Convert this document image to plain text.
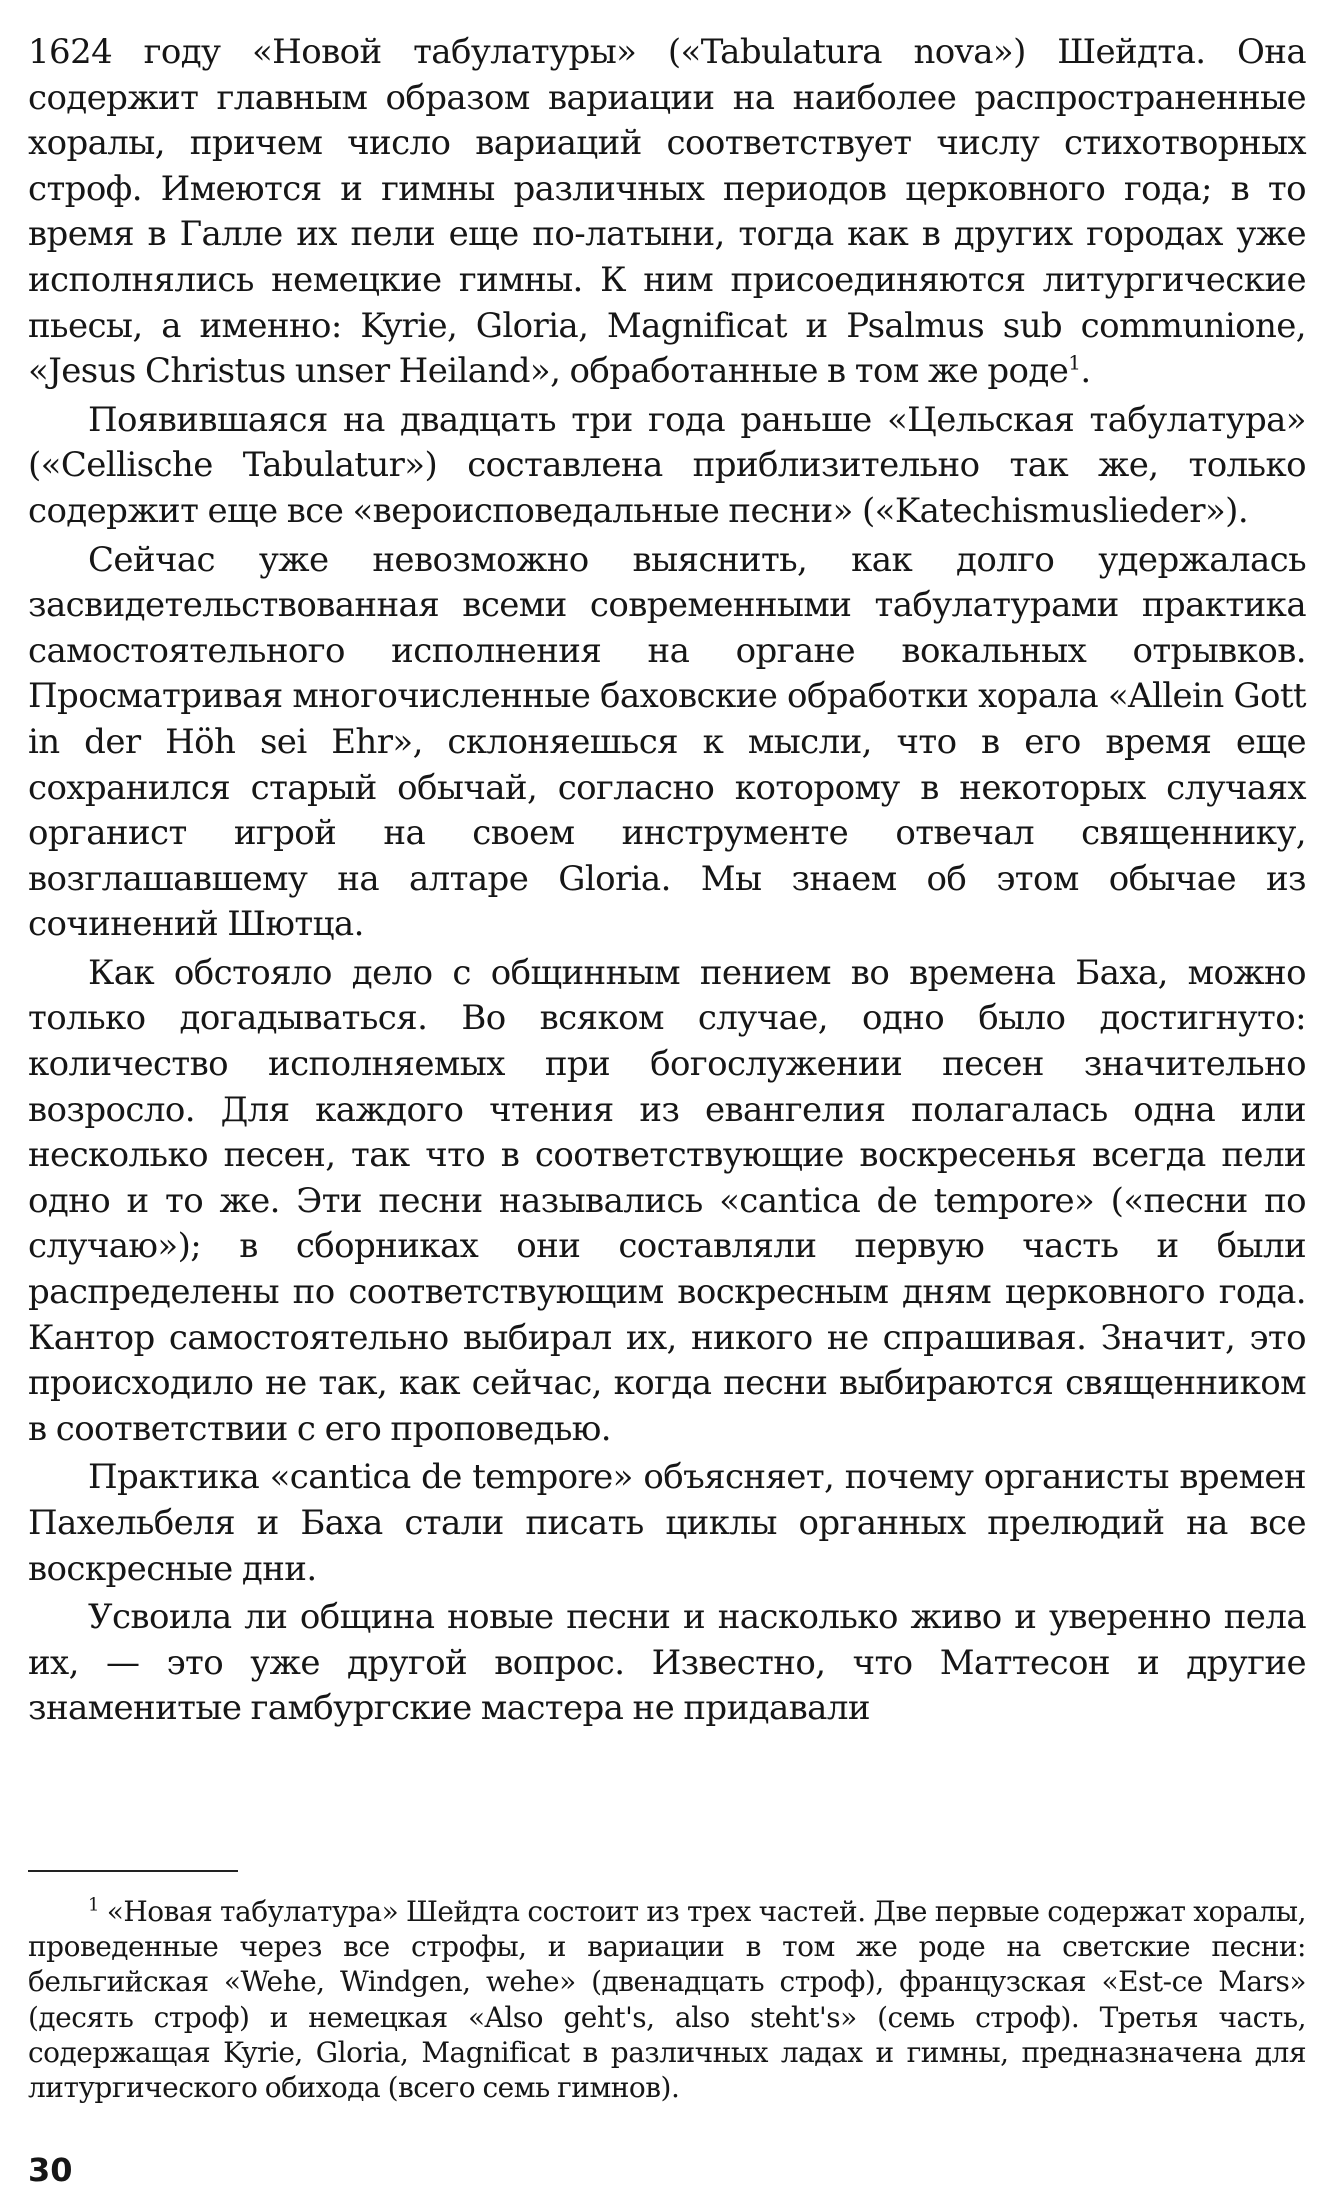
1624 году «Новой табулатуры» («Tabulatura nova») Шейдта. Она содержит главным образом вариации на наиболее распространенные хоралы, причем число вариаций соответствует числу стихотворных строф. Имеются и гимны различных периодов церковного года; в то время в Галле их пели еще по-латыни, тогда как в других городах уже исполнялись немецкие гимны. К ним присоединяются литургические пьесы, а именно: Kyrie, Gloria, Magnificat и Psalmus sub communione, «Jesus Christus unser Heiland», обработанные в том же роде$^1$.

Появившаяся на двадцать три года раньше «Цельская табулатура» («Cellische Tabulatur») составлена приблизительно так же, только содержит еще все «вероисповедальные песни» («Katechismuslieder»).

Сейчас уже невозможно выяснить, как долго удержалась засвидетельствованная всеми современными табулатурами практика самостоятельного исполнения на органе вокальных отрывков. Просматривая многочисленные баховские обработки хорала «Allein Gott in der Höh sei Ehr», склоняешься к мысли, что в его время еще сохранился старый обычай, согласно которому в некоторых случаях органист игрой на своем инструменте отвечал священнику, возглашавшему на алтаре Gloria. Мы знаем об этом обычае из сочинений Шютца.

Как обстояло дело с общинным пением во времена Баха, можно только догадываться. Во всяком случае, одно было достигнуто: количество исполняемых при богослужении песен значительно возросло. Для каждого чтения из евангелия полагалась одна или несколько песен, так что в соответствующие воскресенья всегда пели одно и то же. Эти песни назывались «cantica de tempore» («песни по случаю»); в сборниках они составляли первую часть и были распределены по соответствующим воскресным дням церковного года. Кантор самостоятельно выбирал их, никого не спрашивая. Значит, это происходило не так, как сейчас, когда песни выбираются священником в соответствии с его проповедью.

Практика «cantica de tempore» объясняет, почему органисты времен Пахельбеля и Баха стали писать циклы органных прелюдий на все воскресные дни.

Усвоила ли община новые песни и насколько живо и уверенно пела их, — это уже другой вопрос. Известно, что Маттесон и другие знаменитые гамбургские мастера не придавали

$^1$ «Новая табулатура» Шейдта состоит из трех частей. Две первые содержат хоралы, проведенные через все строфы, и вариации в том же роде на светские песни: бельгийская «Wehe, Windgen, wehe» (двенадцать строф), французская «Est-ce Mars» (десять строф) и немецкая «Also geht's, also steht's» (семь строф). Третья часть, содержащая Kyrie, Gloria, Magnificat в различных ладах и гимны, предназначена для литургического обихода (всего семь гимнов).

30
